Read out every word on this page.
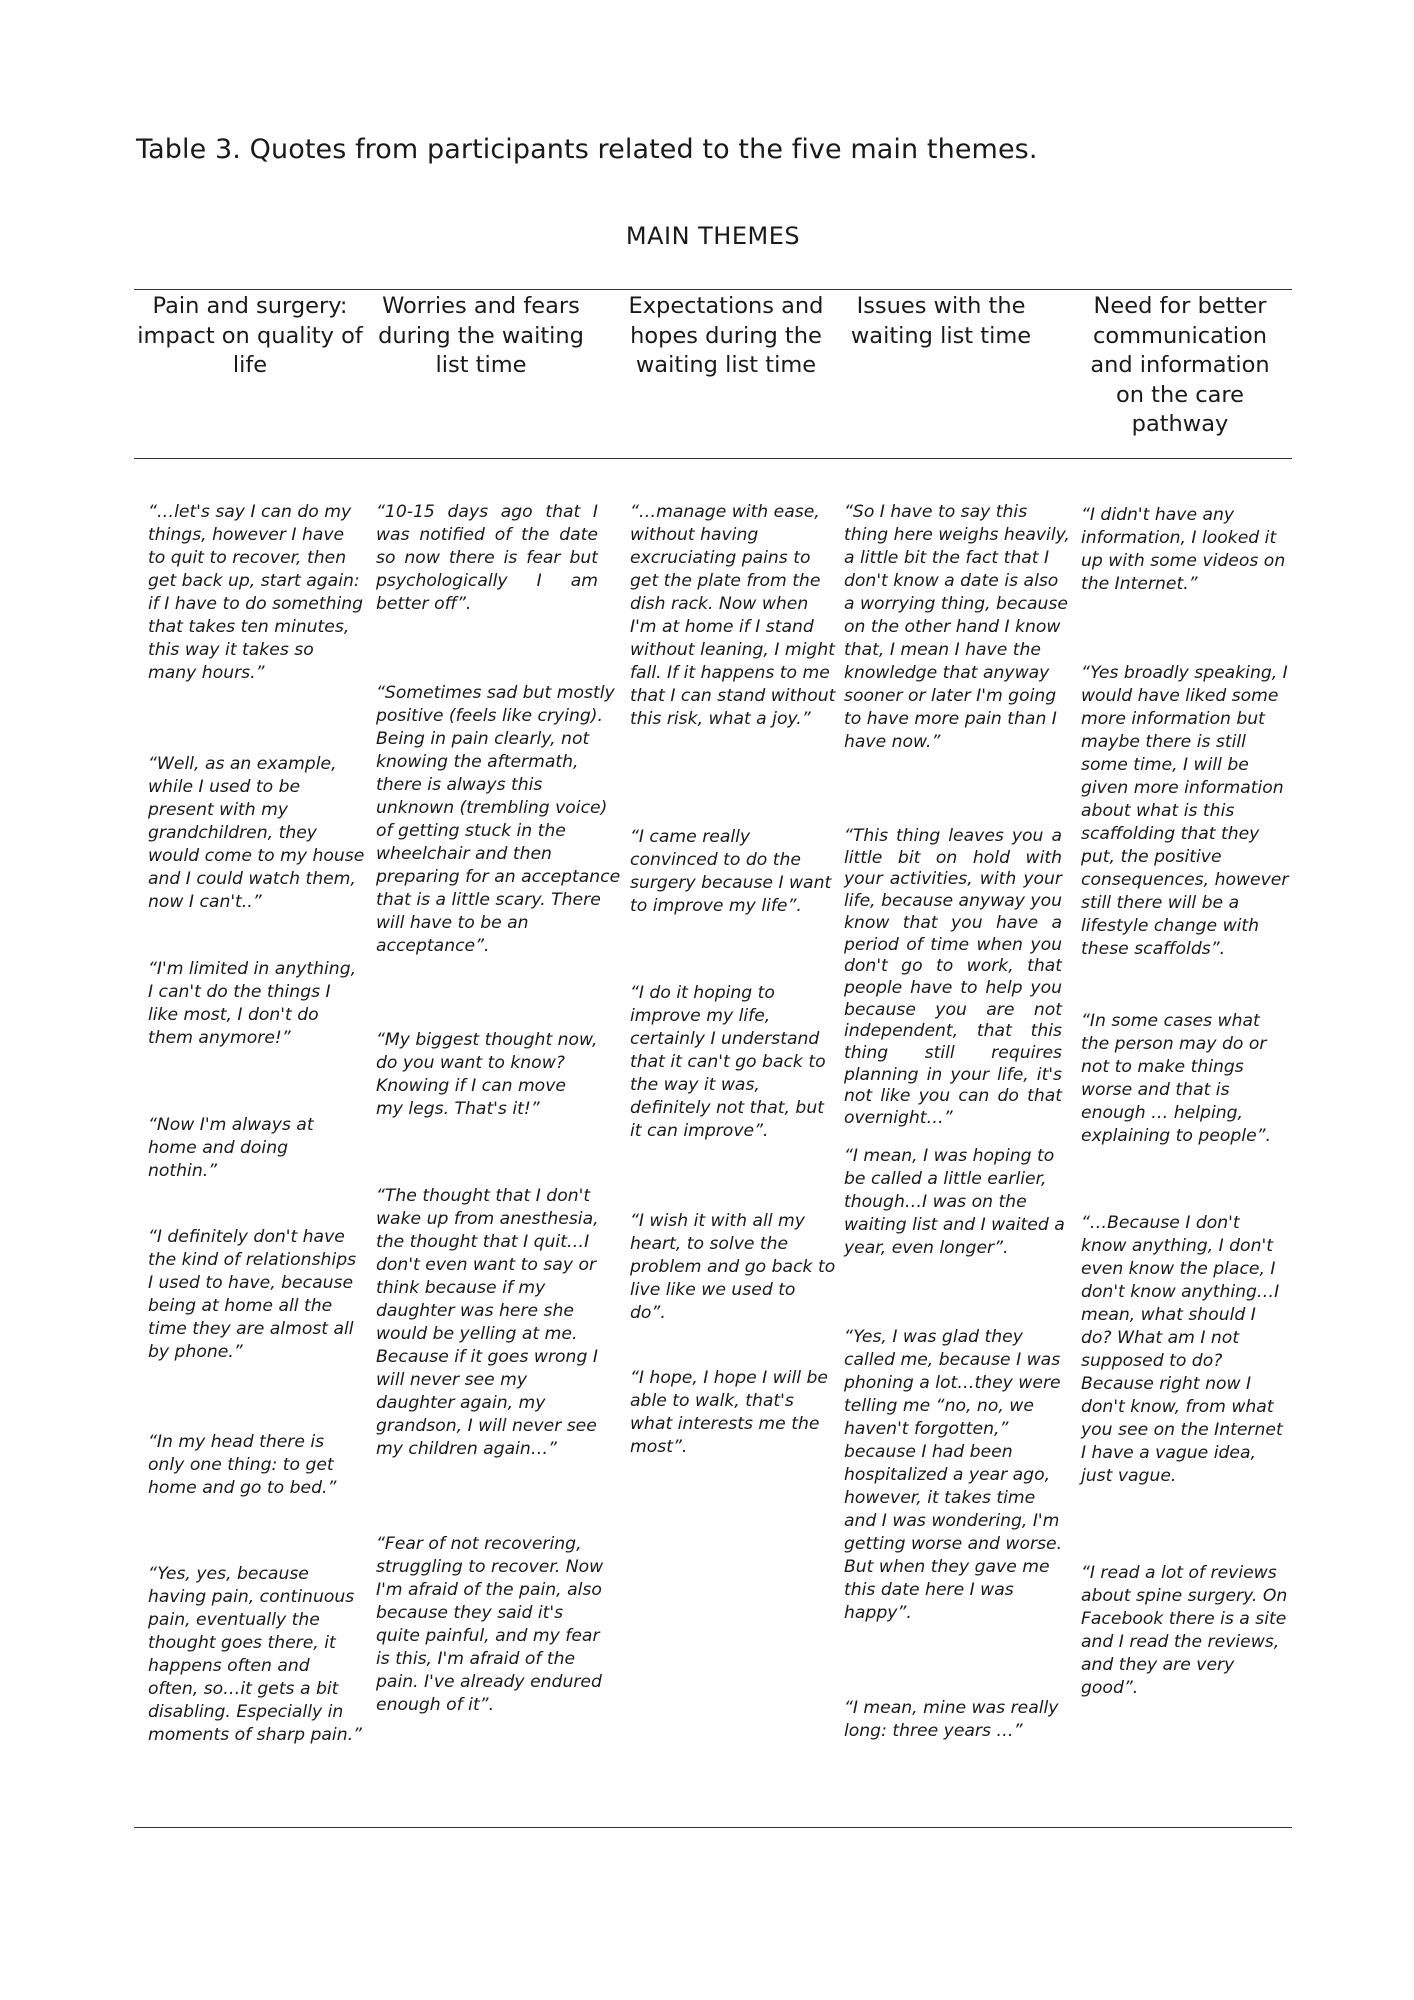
Table 3. Quotes from participants related to the five main themes.
MAIN THEMES
Pain and surgery: impact on quality of life
Worries and fears during the waiting list time
Expectations and hopes during the waiting list time
Issues with the waiting list time
Need for better communication and information on the care pathway
“…let's say I can do my things, however I have to quit to recover, then get back up, start again: if I have to do something that takes ten minutes, this way it takes so many hours.”
“Well, as an example, while I used to be present with my grandchildren, they would come to my house and I could watch them, now I can't..”
“I'm limited in anything, I can't do the things I like most, I don't do them anymore!”
“Now I'm always at home and doing nothin.”
“I definitely don't have the kind of relationships I used to have, because being at home all the time they are almost all by phone.”
“In my head there is only one thing: to get home and go to bed.”
“Yes, yes, because having pain, continuous pain, eventually the thought goes there, it happens often and often, so…it gets a bit disabling. Especially in moments of sharp pain.”
“10-15 days ago that I was notified of the date so now there is fear but psychologically I am better off”.
“Sometimes sad but mostly positive (feels like crying). Being in pain clearly, not knowing the aftermath, there is always this unknown (trembling voice) of getting stuck in the wheelchair and then preparing for an acceptance that is a little scary. There will have to be an acceptance”.
“My biggest thought now, do you want to know? Knowing if I can move my legs. That's it!”
“The thought that I don't wake up from anesthesia, the thought that I quit…I don't even want to say or think because if my daughter was here she would be yelling at me. Because if it goes wrong I will never see my daughter again, my grandson, I will never see my children again…”
“Fear of not recovering, struggling to recover. Now I'm afraid of the pain, also because they said it's quite painful, and my fear is this, I'm afraid of the pain. I've already endured enough of it”.
“…manage with ease, without having excruciating pains to get the plate from the dish rack. Now when I'm at home if I stand without leaning, I might fall. If it happens to me that I can stand without this risk, what a joy.”
“I came really convinced to do the surgery because I want to improve my life”.
“I do it hoping to improve my life, certainly I understand that it can't go back to the way it was, definitely not that, but it can improve”.
“I wish it with all my heart, to solve the problem and go back to live like we used to do”.
“I hope, I hope I will be able to walk, that's what interests me the most”.
“So I have to say this thing here weighs heavily, a little bit the fact that I don't know a date is also a worrying thing, because on the other hand I know that, I mean I have the knowledge that anyway sooner or later I'm going to have more pain than I have now.”
“This thing leaves you a little bit on hold with your activities, with your life, because anyway you know that you have a period of time when you don't go to work, that people have to help you because you are not independent, that this thing still requires planning in your life, it's not like you can do that overnight…”
“I mean, I was hoping to be called a little earlier, though…I was on the waiting list and I waited a year, even longer”.
“Yes, I was glad they called me, because I was phoning a lot…they were telling me “no, no, we haven't forgotten,” because I had been hospitalized a year ago, however, it takes time and I was wondering, I'm getting worse and worse. But when they gave me this date here I was happy”.
“I mean, mine was really long: three years …”
“I didn't have any information, I looked it up with some videos on the Internet.”
“Yes broadly speaking, I would have liked some more information but maybe there is still some time, I will be given more information about what is this scaffolding that they put, the positive consequences, however still there will be a lifestyle change with these scaffolds”.
“In some cases what the person may do or not to make things worse and that is enough … helping, explaining to people”.
“…Because I don't know anything, I don't even know the place, I don't know anything…I mean, what should I do? What am I not supposed to do? Because right now I don't know, from what you see on the Internet I have a vague idea, just vague.
“I read a lot of reviews about spine surgery. On Facebook there is a site and I read the reviews, and they are very good”.
